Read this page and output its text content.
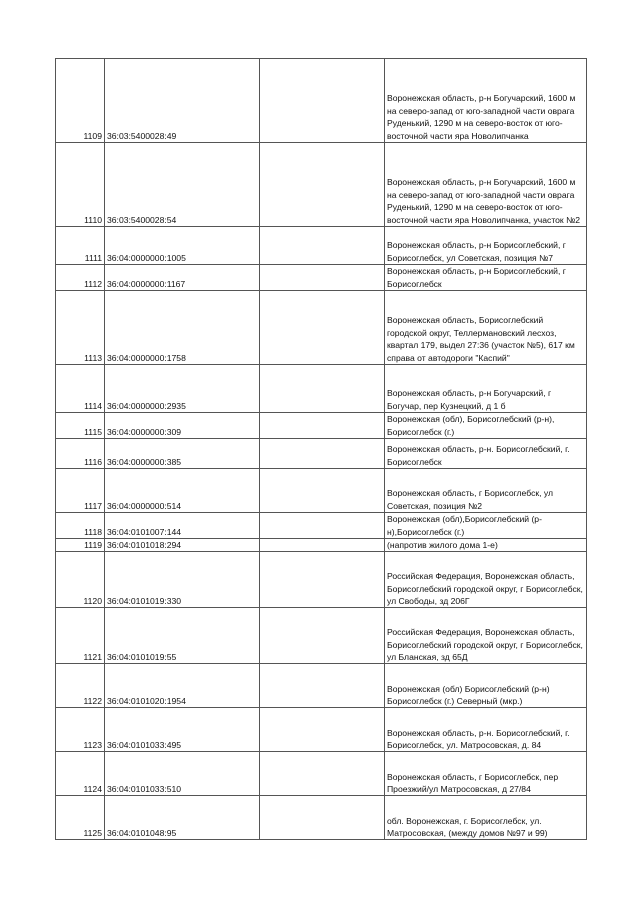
1109	36:03:5400028:49		Воронежская область, р-н Богучарский, 1600 м на северо-запад от юго-западной части оврага Руденький, 1290 м на северо-восток от юго-восточной части яра Новолипчанка
1110	36:03:5400028:54		Воронежская область, р-н Богучарский, 1600 м на северо-запад от юго-западной части оврага Руденький, 1290 м на северо-восток от юго-восточной части яра Новолипчанка, участок №2
1111	36:04:0000000:1005		Воронежская область, р-н Борисоглебский, г Борисоглебск, ул Советская, позиция №7
1112	36:04:0000000:1167		Воронежская область, р-н Борисоглебский, г Борисоглебск
1113	36:04:0000000:1758		Воронежская область, Борисоглебский городской округ, Теллермановский лесхоз, квартал 179, выдел 27:36 (участок №5), 617 км справа от автодороги "Каспий"
1114	36:04:0000000:2935		Воронежская область, р-н Богучарский, г Богучар, пер Кузнецкий, д 1 б
1115	36:04:0000000:309		Воронежская (обл), Борисоглебский (р-н), Борисоглебск (г.)
1116	36:04:0000000:385		Воронежская область, р-н. Борисоглебский, г. Борисоглебск
1117	36:04:0000000:514		Воронежская область, г Борисоглебск, ул Советская, позиция №2
1118	36:04:0101007:144		Воронежская (обл),Борисоглебский (р-н),Борисоглебск (г.)
1119	36:04:0101018:294		(напротив жилого дома 1-е)
1120	36:04:0101019:330		Российская Федерация, Воронежская область, Борисоглебский городской округ, г Борисоглебск, ул Свободы, зд 206Г
1121	36:04:0101019:55		Российская Федерация, Воронежская область, Борисоглебский городской округ, г Борисоглебск, ул Бланская, зд 65Д
1122	36:04:0101020:1954		Воронежская (обл) Борисоглебский (р-н) Борисоглебск (г.) Северный (мкр.)
1123	36:04:0101033:495		Воронежская область, р-н. Борисоглебский, г. Борисоглебск, ул. Матросовская, д. 84
1124	36:04:0101033:510		Воронежская область, г Борисоглебск, пер Проезжий/ул Матросовская, д 27/84
1125	36:04:0101048:95		обл. Воронежская, г. Борисоглебск, ул. Матросовская, (между домов №97 и 99)
